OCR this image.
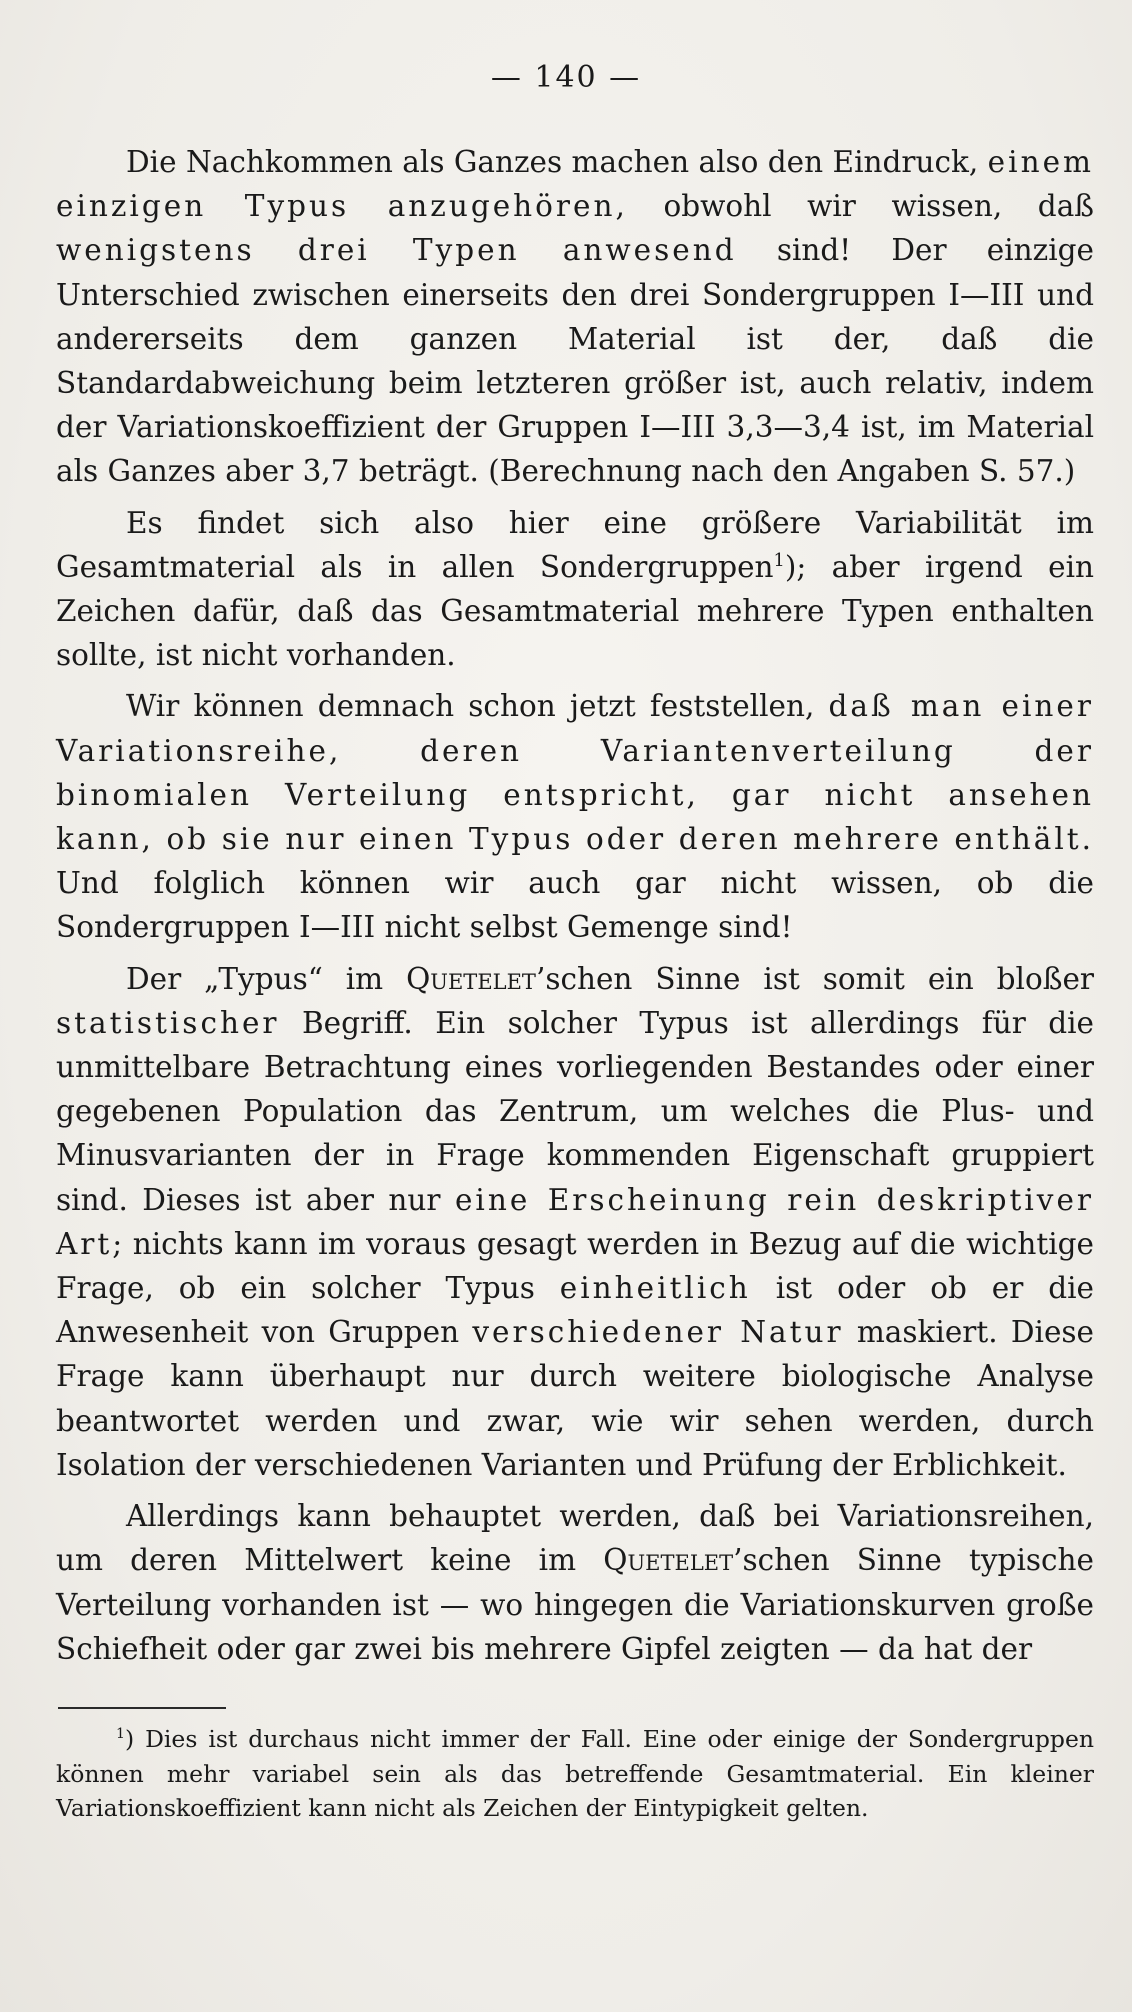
— 140 —

Die Nachkommen als Ganzes machen also den Eindruck, einem einzigen Typus anzugehören, obwohl wir wissen, daß wenigstens drei Typen anwesend sind! Der einzige Unterschied zwischen einerseits den drei Sondergruppen I—III und andererseits dem ganzen Material ist der, daß die Standardabweichung beim letzteren größer ist, auch relativ, indem der Variationskoeffizient der Gruppen I—III 3,3—3,4 ist, im Material als Ganzes aber 3,7 beträgt. (Berechnung nach den Angaben S. 57.)

Es findet sich also hier eine größere Variabilität im Gesamtmaterial als in allen Sondergruppen$^1$); aber irgend ein Zeichen dafür, daß das Gesamtmaterial mehrere Typen enthalten sollte, ist nicht vorhanden.

Wir können demnach schon jetzt feststellen, daß man einer Variationsreihe, deren Variantenverteilung der binomialen Verteilung entspricht, gar nicht ansehen kann, ob sie nur einen Typus oder deren mehrere enthält. Und folglich können wir auch gar nicht wissen, ob die Sondergruppen I—III nicht selbst Gemenge sind!

Der „Typus“ im Quetelet’schen Sinne ist somit ein bloßer statistischer Begriff. Ein solcher Typus ist allerdings für die unmittelbare Betrachtung eines vorliegenden Bestandes oder einer gegebenen Population das Zentrum, um welches die Plus- und Minusvarianten der in Frage kommenden Eigenschaft gruppiert sind. Dieses ist aber nur eine Erscheinung rein deskriptiver Art; nichts kann im voraus gesagt werden in Bezug auf die wichtige Frage, ob ein solcher Typus einheitlich ist oder ob er die Anwesenheit von Gruppen verschiedener Natur maskiert. Diese Frage kann überhaupt nur durch weitere biologische Analyse beantwortet werden und zwar, wie wir sehen werden, durch Isolation der verschiedenen Varianten und Prüfung der Erblichkeit.

Allerdings kann behauptet werden, daß bei Variationsreihen, um deren Mittelwert keine im Quetelet’schen Sinne typische Verteilung vorhanden ist — wo hingegen die Variationskurven große Schiefheit oder gar zwei bis mehrere Gipfel zeigten — da hat der

$^1$) Dies ist durchaus nicht immer der Fall. Eine oder einige der Sondergruppen können mehr variabel sein als das betreffende Gesamtmaterial. Ein kleiner Variationskoeffizient kann nicht als Zeichen der Eintypigkeit gelten.
